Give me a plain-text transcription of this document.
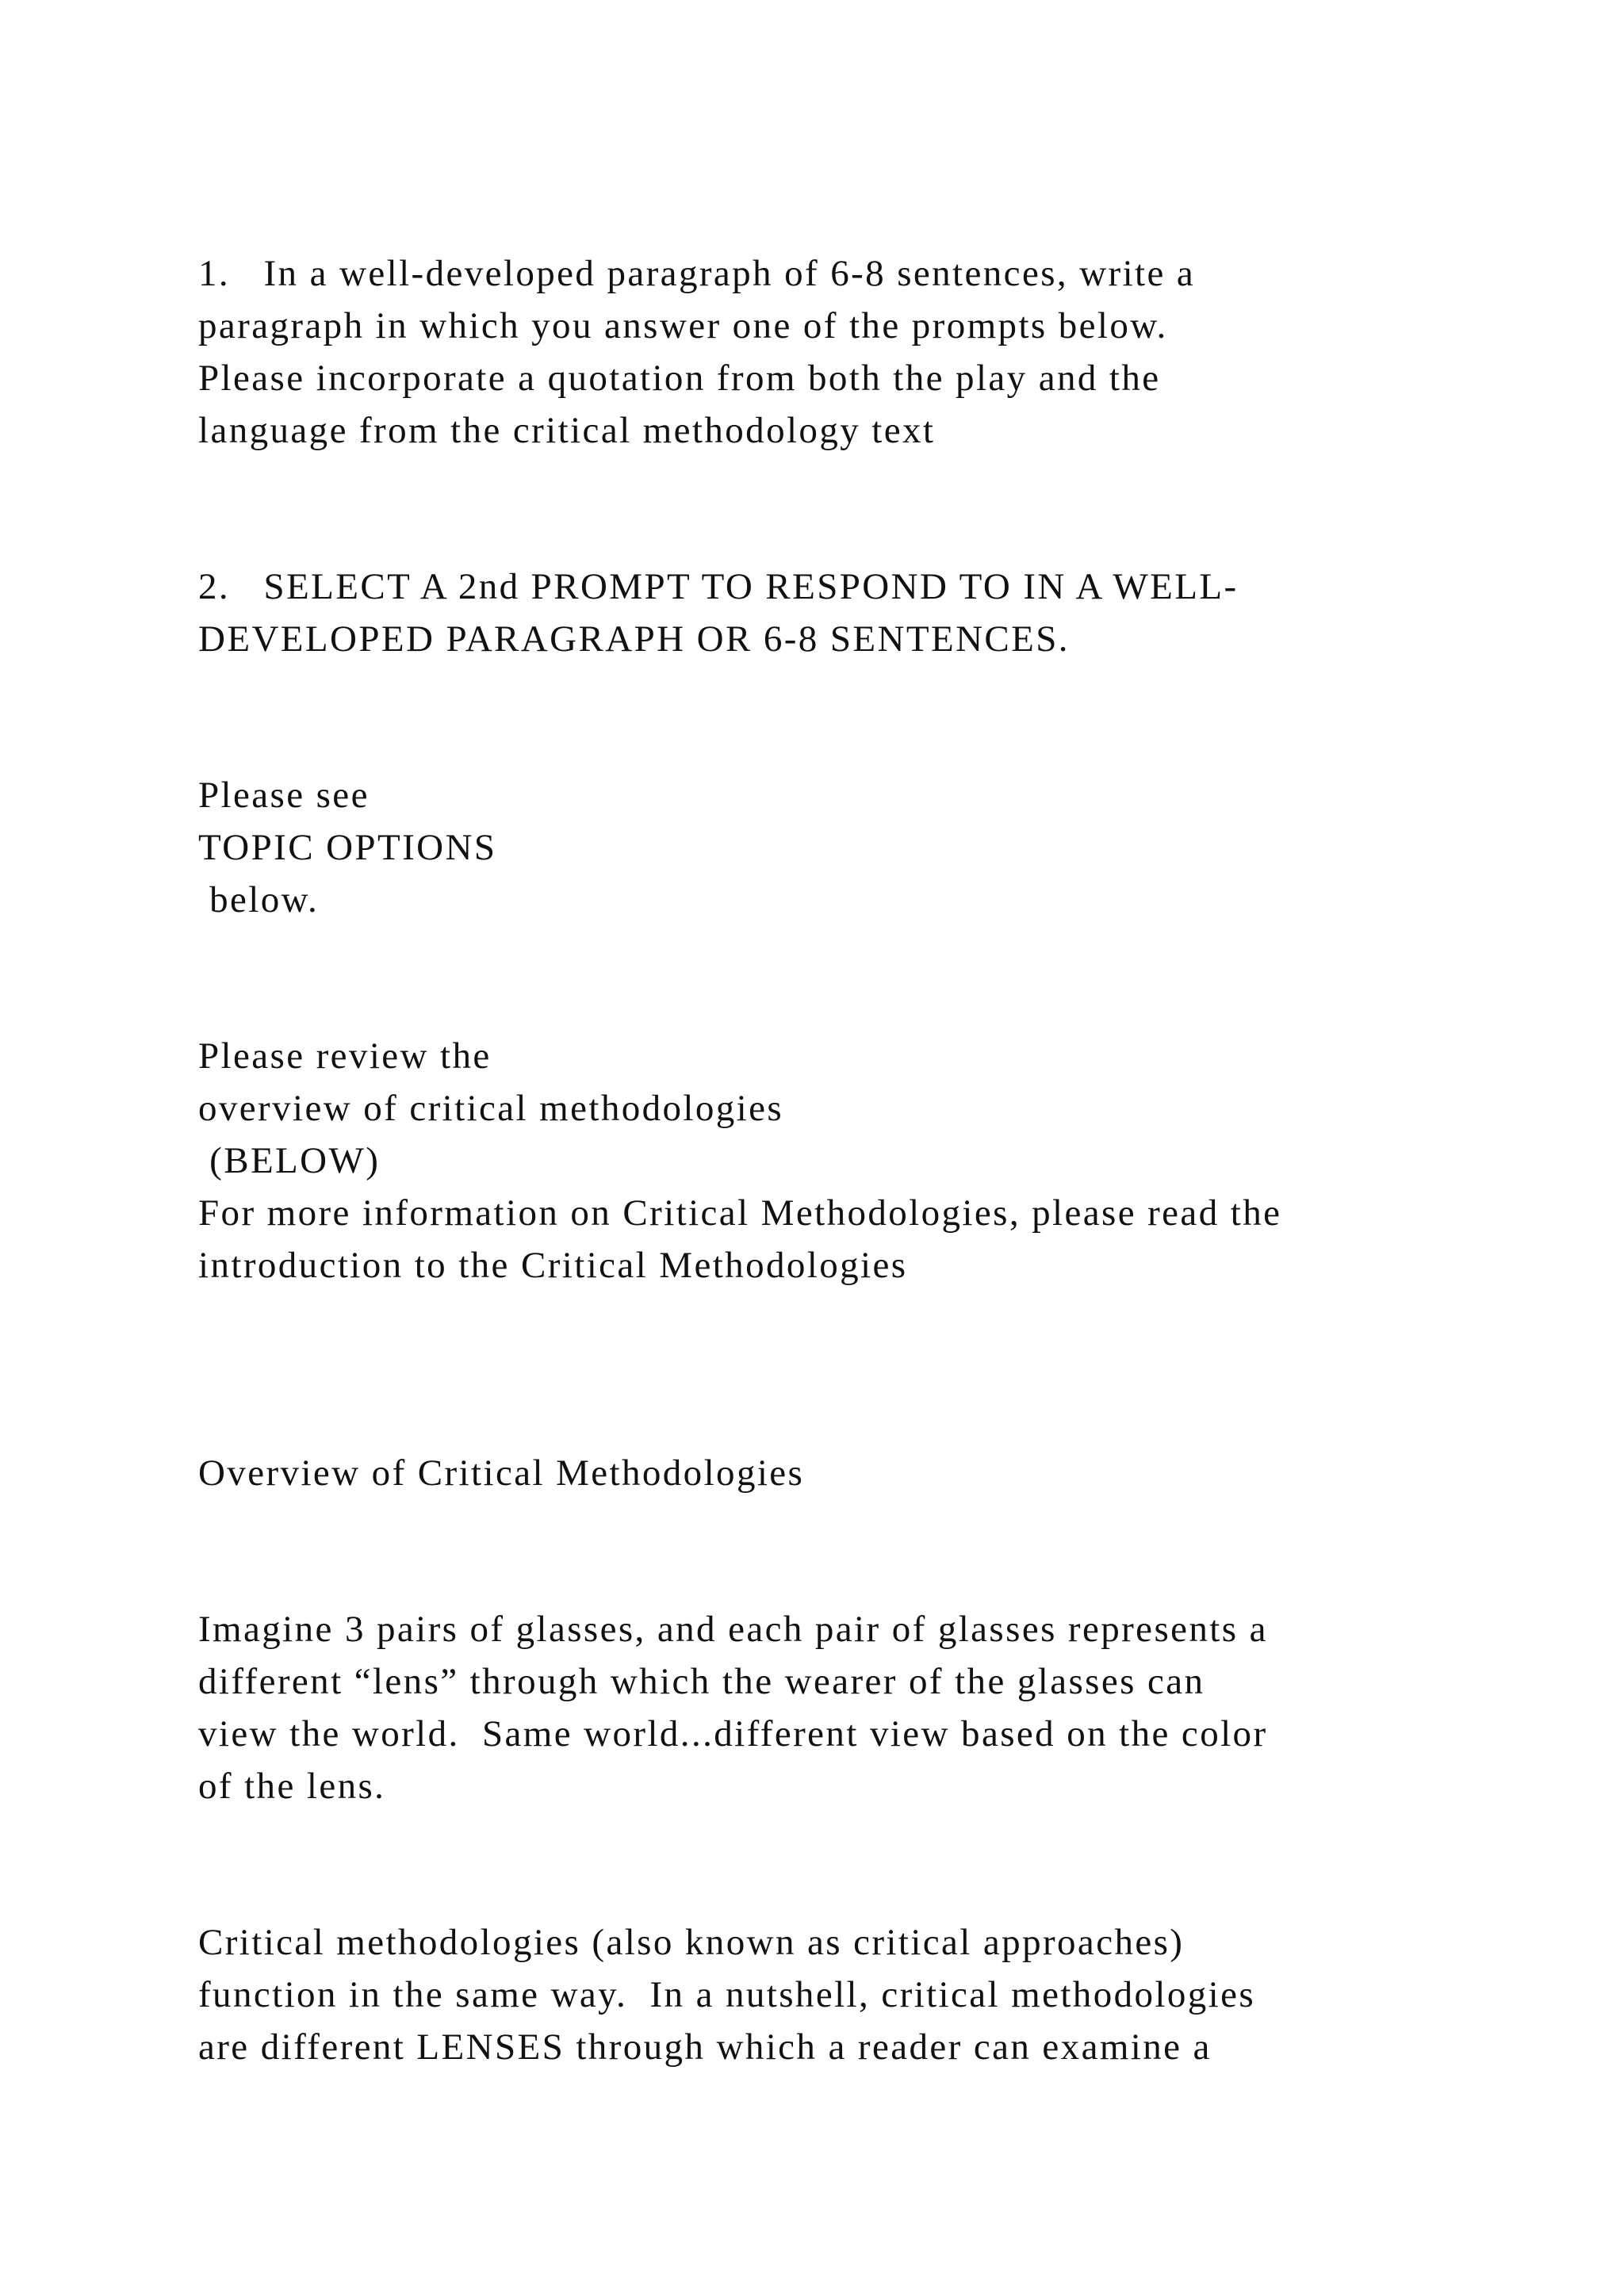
1.   In a well-developed paragraph of 6-8 sentences, write a
paragraph in which you answer one of the prompts below.
Please incorporate a quotation from both the play and the
language from the critical methodology text
2.   SELECT A 2nd PROMPT TO RESPOND TO IN A WELL-
DEVELOPED PARAGRAPH OR 6-8 SENTENCES.
Please see
TOPIC OPTIONS
below.
Please review the
overview of critical methodologies
(BELOW)
For more information on Critical Methodologies, please read the
introduction to the Critical Methodologies
Overview of Critical Methodologies
Imagine 3 pairs of glasses, and each pair of glasses represents a
different “lens” through which the wearer of the glasses can
view the world.  Same world...different view based on the color
of the lens.
Critical methodologies (also known as critical approaches)
function in the same way.  In a nutshell, critical methodologies
are different LENSES through which a reader can examine a
